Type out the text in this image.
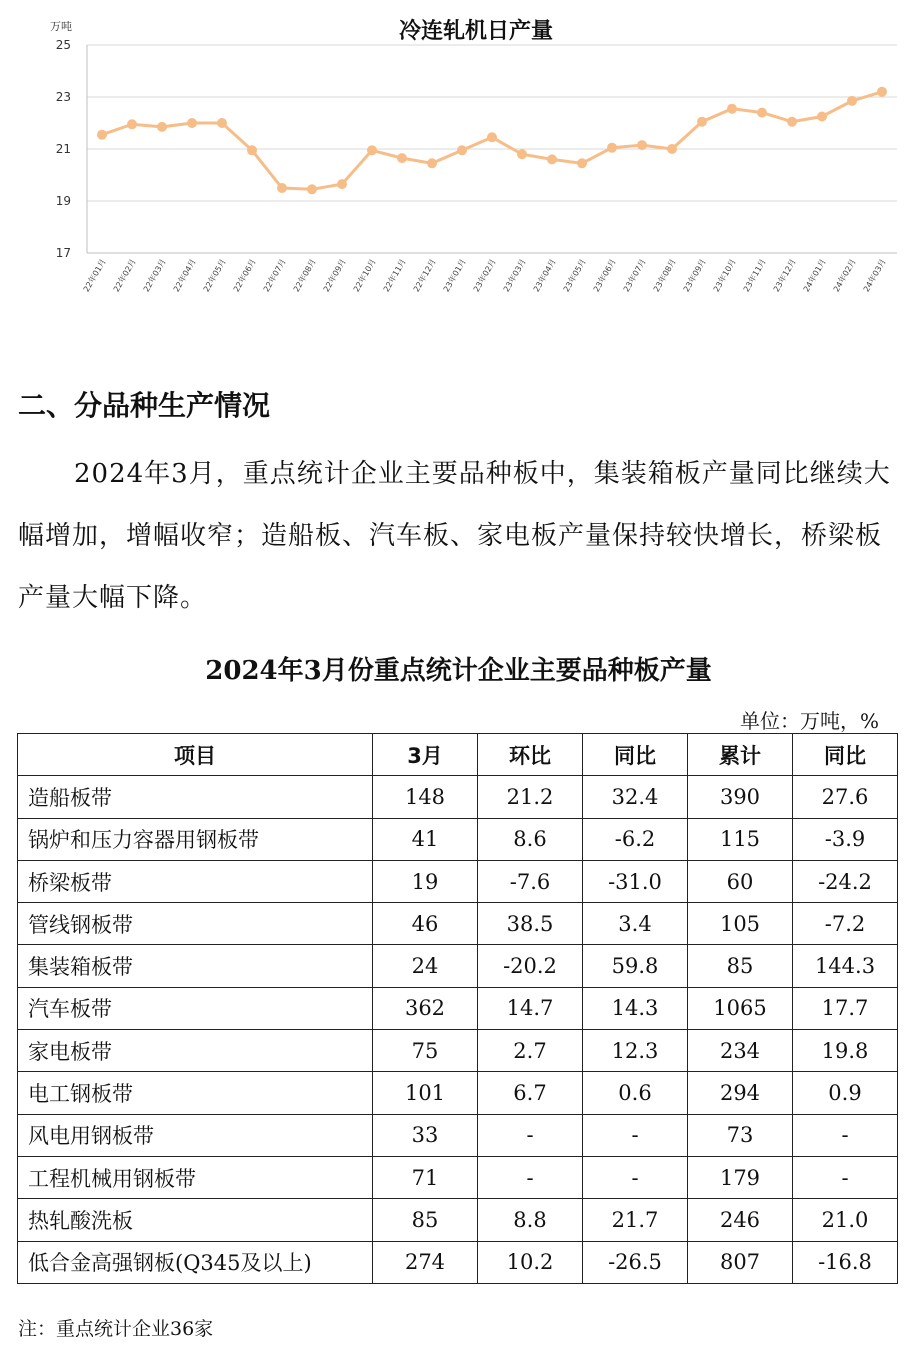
冷连轧机日产量
万吨
17
19
21
23
25
22年01月 22年02月 22年03月 22年04月 22年05月 22年06月 22年07月 22年08月 22年09月 22年10月 22年11月 22年12月 23年01月 23年02月 23年03月 23年04月 23年05月 23年06月 23年07月 23年08月 23年09月 23年10月 23年11月 23年12月 24年01月 24年02月 24年03月
二、分品种生产情况

2024年3月，重点统计企业主要品种板中，集装箱板产量同比继续大幅增加，增幅收窄；造船板、汽车板、家电板产量保持较快增长，桥梁板产量大幅下降。

2024年3月份重点统计企业主要品种板产量
单位：万吨，%
项目	3月	环比	同比	累计	同比
造船板带	148	21.2	32.4	390	27.6
锅炉和压力容器用钢板带	41	8.6	-6.2	115	-3.9
桥梁板带	19	-7.6	-31.0	60	-24.2
管线钢板带	46	38.5	3.4	105	-7.2
集装箱板带	24	-20.2	59.8	85	144.3
汽车板带	362	14.7	14.3	1065	17.7
家电板带	75	2.7	12.3	234	19.8
电工钢板带	101	6.7	0.6	294	0.9
风电用钢板带	33	-	-	73	-
工程机械用钢板带	71	-	-	179	-
热轧酸洗板	85	8.8	21.7	246	21.0
低合金高强钢板(Q345及以上)	274	10.2	-26.5	807	-16.8
注：重点统计企业36家
